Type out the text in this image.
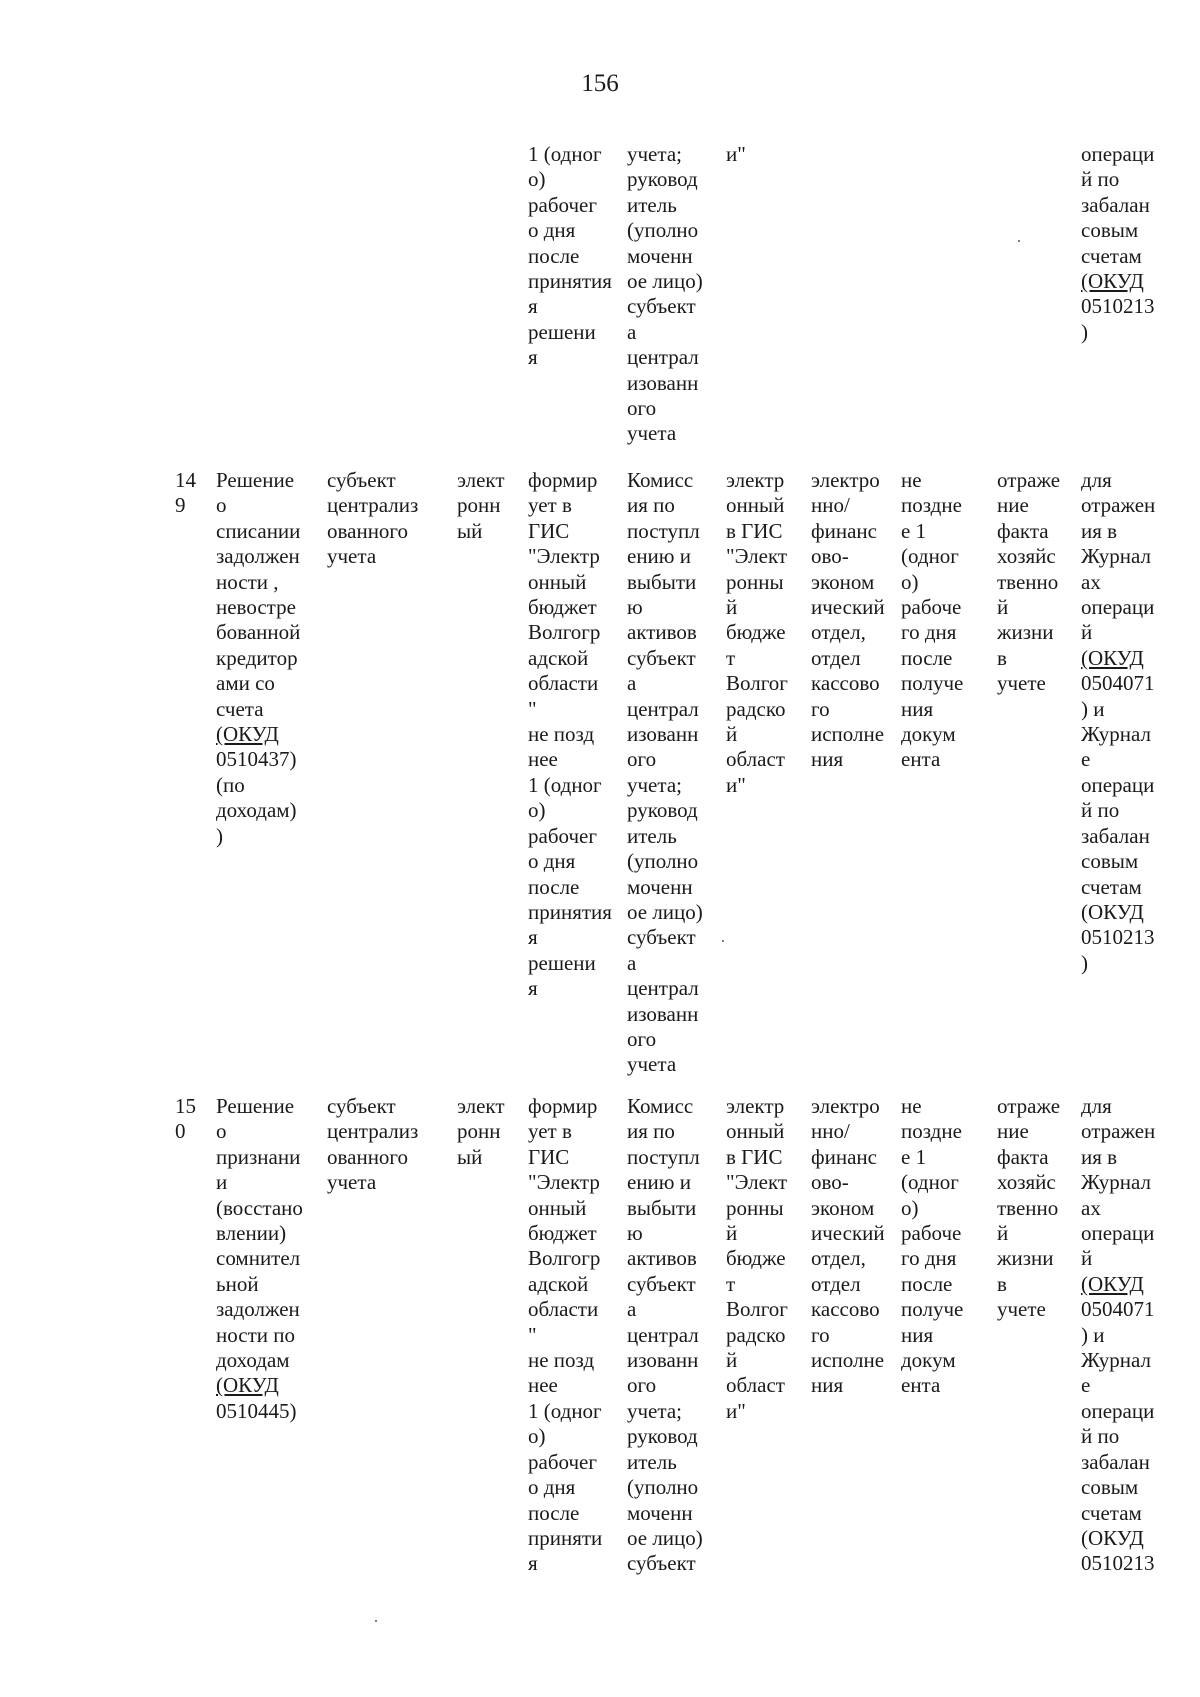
156
1 (одног
о)
рабочег
о дня
после
принятия
я
решени
я
учета;
руковод
итель
(уполно
моченн
ое лицо)
субъект
а
централ
изованн
ого
учета
и"	операци
й по
забалан
совым
счетам
(ОКУД
0510213
)
14
9
Решение
о
списании
задолжен
ности ,
невостре
бованной
кредитор
ами со
счета
(ОКУД
0510437)
(по
доходам)
)
субъект
централиз
ованного
учета
элект
ронн
ый
формир
ует в
ГИС
"Электр
онный
бюджет
Волгогр
адской
области
"
не позд
нее
1 (одног
о)
рабочег
о дня
после
принятия
я
решени
я
Комисс
ия по
поступл
ению и
выбыти
ю
активов
субъект
а
централ
изованн
ого
учета;
руковод
итель
(уполно
моченн
ое лицо)
субъект
а
централ
изованн
ого
учета
электр
онный
в ГИС
"Элект
ронны
й
бюдже
т
Волгог
радско
й
област
и"
электро
нно/
финанс
ово-
эконом
ический
отдел,
отдел
кассово
го
исполне
ния
не
поздне
е 1
(одног
о)
рабоче
го дня
после
получе
ния
докум
ента
отраже
ние
факта
хозяйс
твенно
й
жизни
в
учете
для
отражен
ия в
Журнал
ах
операци
й
(ОКУД
0504071
) и
Журнал
е
операци
й по
забалан
совым
счетам
(ОКУД
0510213
)
15
0
Решение
о
признани
и
(восстано
влении)
сомнител
ьной
задолжен
ности по
доходам
(ОКУД
0510445)
субъект
централиз
ованного
учета
элект
ронн
ый
формир
ует в
ГИС
"Электр
онный
бюджет
Волгогр
адской
области
"
не позд
нее
1 (одног
о)
рабочег
о дня
после
приняти
я
Комисс
ия по
поступл
ению и
выбыти
ю
активов
субъект
а
централ
изованн
ого
учета;
руковод
итель
(уполно
моченн
ое лицо)
субъект
электр
онный
в ГИС
"Элект
ронны
й
бюдже
т
Волгог
радско
й
област
и"
электро
нно/
финанс
ово-
эконом
ический
отдел,
отдел
кассово
го
исполне
ния
не
поздне
е 1
(одног
о)
рабоче
го дня
после
получе
ния
докум
ента
отраже
ние
факта
хозяйс
твенно
й
жизни
в
учете
для
отражен
ия в
Журнал
ах
операци
й
(ОКУД
0504071
) и
Журнал
е
операци
й по
забалан
совым
счетам
(ОКУД
0510213
